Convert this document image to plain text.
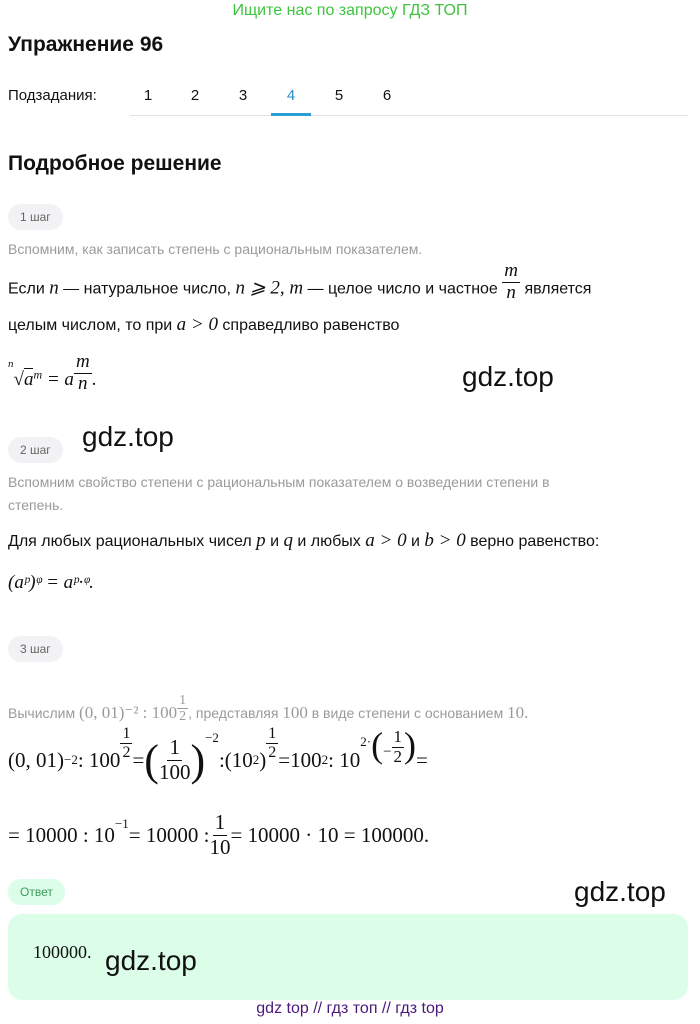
Ищите нас по запросу ГДЗ ТОП
Упражнение 96
Подзадания:	1	2	3	4	5	6
Подробное решение
1 шаг
Вспомним, как записать степень с рациональным показателем.
Если n — натуральное число, n ⩾ 2, m — целое число и частное $\frac{m}{n}$ является
целым числом, то при a > 0 справедливо равенство
$^n√a^m = a \frac{m}{n}$ .	gdz.top
2 шаг	gdz.top
Вспомним свойство степени с рациональным показателем о возведении степени в
степень.
Для любых рациональных чисел p и q и любых a > 0 и b > 0 верно равенство:
(aᵖ)ᵠ = aᵖ·ᵠ.
3 шаг
Вычислим (0, 01)⁻² : $100 \frac{1}{2}$ , представляя 100 в виде степени с основанием 10.
(0, 01) −2 : $100 \frac{1}{2}$ = ( $\frac{1}{100}$ ) −2
: (10 2 ) $\frac{1}{2} = 100$ 2 : 10
2· ( − $\frac{1}{2}$ ) =
= 10000 : 10 −1 = 10000 : $\frac{1}{10} = 10000 \cdot 10 = 100000$.
Ответ	gdz.top
100000. gdz.top
gdz top // гдз топ // гдз top
